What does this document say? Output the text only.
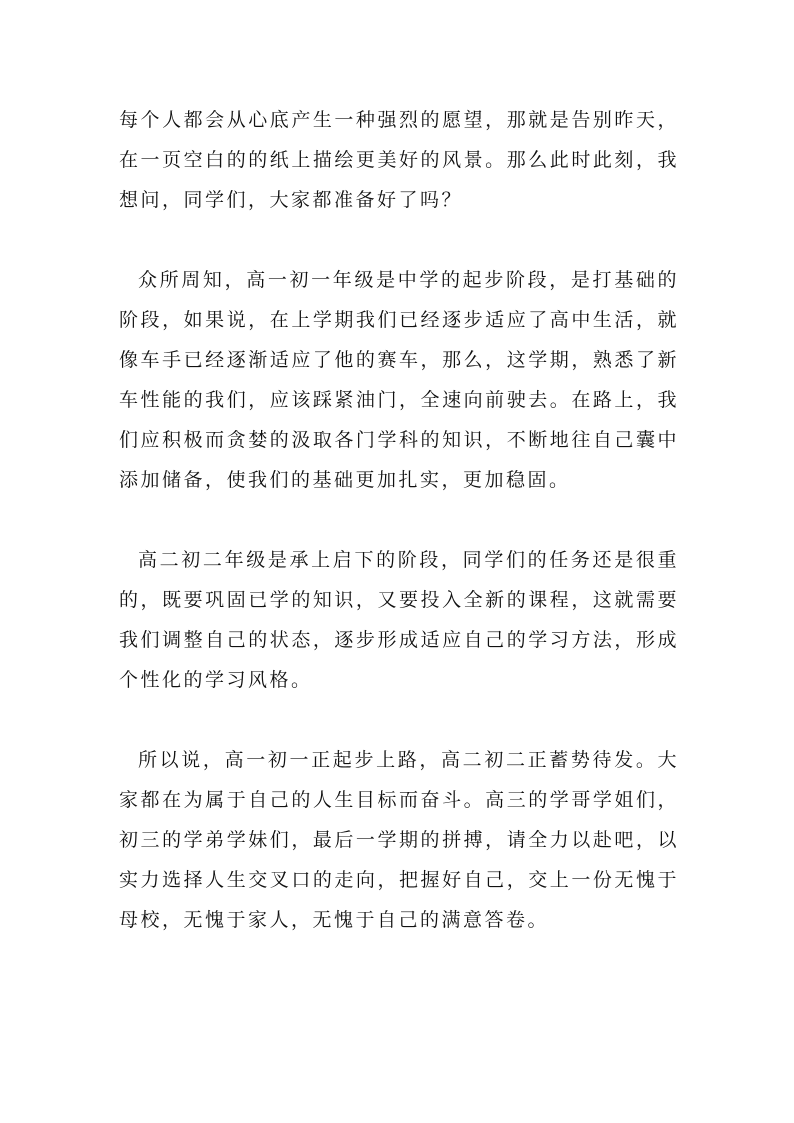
每个人都会从心底产生一种强烈的愿望，那就是告别昨天，在一页空白的的纸上描绘更美好的风景。那么此时此刻，我想问，同学们，大家都准备好了吗？

众所周知，高一初一年级是中学的起步阶段，是打基础的阶段，如果说，在上学期我们已经逐步适应了高中生活，就像车手已经逐渐适应了他的赛车，那么，这学期，熟悉了新车性能的我们，应该踩紧油门，全速向前驶去。在路上，我们应积极而贪婪的汲取各门学科的知识，不断地往自己囊中添加储备，使我们的基础更加扎实，更加稳固。

高二初二年级是承上启下的阶段，同学们的任务还是很重的，既要巩固已学的知识，又要投入全新的课程，这就需要我们调整自己的状态，逐步形成适应自己的学习方法，形成个性化的学习风格。

所以说，高一初一正起步上路，高二初二正蓄势待发。大家都在为属于自己的人生目标而奋斗。高三的学哥学姐们，初三的学弟学妹们，最后一学期的拼搏，请全力以赴吧，以实力选择人生交叉口的走向，把握好自己，交上一份无愧于母校，无愧于家人，无愧于自己的满意答卷。
